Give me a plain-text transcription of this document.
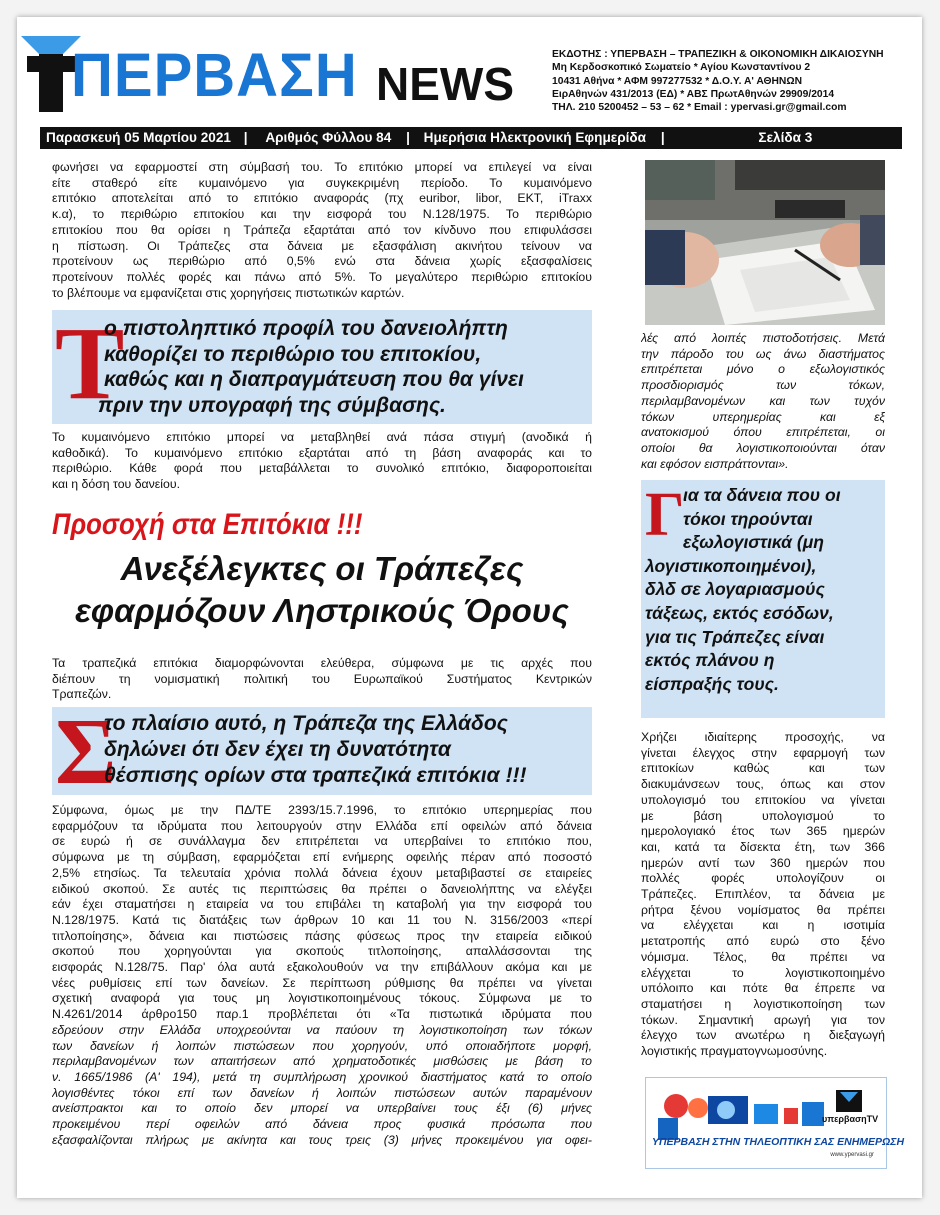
ΠΕΡΒΑΣΗ NEWS
ΕΚΔΟΤΗΣ : ΥΠΕΡΒΑΣΗ – ΤΡΑΠΕΖΙΚΗ & ΟΙΚΟΝΟΜΙΚΗ ΔΙΚΑΙΟΣΥΝΗ
Μη Κερδοσκοπικό Σωματείο * Αγίου Κωνσταντίνου 2
10431 Αθήνα * ΑΦΜ 997277532 * Δ.Ο.Υ. Α' ΑΘΗΝΩΝ
ΕιρΑθηνών 431/2013 (ΕΔ) * ΑΒΣ ΠρωτΑθηνών 29909/2014
ΤΗΛ. 210 5200452 – 53 – 62 * Email : ypervasi.gr@gmail.com
Παρασκευή 05 Μαρτίου 2021 | Αριθμός Φύλλου 84 | Ημερήσια Ηλεκτρονική Εφημερίδα |	Σελίδα 3
φωνήσει να εφαρμοστεί στη σύμβασή του. Το επιτόκιο μπορεί να επιλεγεί να είναι
είτε σταθερό είτε κυμαινόμενο για συγκεκριμένη περίοδο. Το κυμαινόμενο
επιτόκιο αποτελείται από το επιτόκιο αναφοράς (πχ euribor, libor, ΕΚΤ, iTraxx
κ.α), το περιθώριο επιτοκίου και την εισφορά του Ν.128/1975. Το περιθώριο
επιτοκίου που θα ορίσει η Τράπεζα εξαρτάται από τον κίνδυνο που επιφυλάσσει
η πίστωση. Οι Τράπεζες στα δάνεια με εξασφάλιση ακινήτου τείνουν να
προτείνουν ως περιθώριο από 0,5% ενώ στα δάνεια χωρίς εξασφαλίσεις
προτείνουν πολλές φορές και πάνω από 5%. Το μεγαλύτερο περιθώριο επιτοκίου
το βλέπουμε να εμφανίζεται στις χορηγήσεις πιστωτικών καρτών.
Τ
ο πιστοληπτικό προφίλ του δανειολήπτη
καθορίζει το περιθώριο του επιτοκίου,
καθώς και η διαπραγμάτευση που θα γίνει
πριν την υπογραφή της σύμβασης.
Το κυμαινόμενο επιτόκιο μπορεί να μεταβληθεί ανά πάσα στιγμή (ανοδικά ή
καθοδικά). Το κυμαινόμενο επιτόκιο εξαρτάται από τη βάση αναφοράς και το
περιθώριο. Κάθε φορά που μεταβάλλεται το συνολικό επιτόκιο, διαφοροποιείται
και η δόση του δανείου.
Προσοχή στα Επιτόκια !!!
Ανεξέλεγκτες οι Τράπεζες
εφαρμόζουν Ληστρικούς Όρους
Τα τραπεζικά επιτόκια διαμορφώνονται ελεύθερα, σύμφωνα με τις αρχές που
διέπουν τη νομισματική πολιτική του Ευρωπαϊκού Συστήματος Κεντρικών
Τραπεζών.
Σ
το πλαίσιο αυτό, η Τράπεζα της Ελλάδος
δηλώνει ότι δεν έχει τη δυνατότητα
θέσπισης ορίων στα τραπεζικά επιτόκια !!!
Σύμφωνα, όμως με την ΠΔ/ΤΕ 2393/15.7.1996, το επιτόκιο υπερημερίας που
εφαρμόζουν τα ιδρύματα που λειτουργούν στην Ελλάδα επί οφειλών από δάνεια
σε ευρώ ή σε συνάλλαγμα δεν επιτρέπεται να υπερβαίνει το επιτόκιο που,
σύμφωνα με τη σύμβαση, εφαρμόζεται επί ενήμερης οφειλής πέραν από ποσοστό
2,5% ετησίως. Τα τελευταία χρόνια πολλά δάνεια έχουν μεταβιβαστεί σε εταιρείες
ειδικού σκοπού. Σε αυτές τις περιπτώσεις θα πρέπει ο δανειολήπτης να ελέγξει
εάν έχει σταματήσει η εταιρεία να του επιβάλει τη καταβολή για την εισφορά του
Ν.128/1975. Κατά τις διατάξεις των άρθρων 10 και 11 του Ν. 3156/2003 «περί
τιτλοποίησης», δάνεια και πιστώσεις πάσης φύσεως προς την εταιρεία ειδικού
σκοπού που χορηγούνται για σκοπούς τιτλοποίησης, απαλλάσσονται της
εισφοράς Ν.128/75. Παρ' όλα αυτά εξακολουθούν να την επιβάλλουν ακόμα και με
νέες ρυθμίσεις επί των δανείων. Σε περίπτωση ρύθμισης θα πρέπει να γίνεται
σχετική αναφορά για τους μη λογιστικοποιημένους τόκους. Σύμφωνα με το
Ν.4261/2014 άρθρο150 παρ.1 προβλέπεται ότι «Τα πιστωτικά ιδρύματα που
εδρεύουν στην Ελλάδα υποχρεούνται να παύουν τη λογιστικοποίηση των τόκων
των δανείων ή λοιπών πιστώσεων που χορηγούν, υπό οποιαδήποτε μορφή,
περιλαμβανομένων των απαιτήσεων από χρηματοδοτικές μισθώσεις με βάση το
ν. 1665/1986 (Α' 194), μετά τη συμπλήρωση χρονικού διαστήματος κατά το οποίο
λογισθέντες τόκοι επί των δανείων ή λοιπών πιστώσεων αυτών παραμένουν
ανείσπρακτοι και το οποίο δεν μπορεί να υπερβαίνει τους έξι (6) μήνες
προκειμένου περί οφειλών από δάνεια προς φυσικά πρόσωπα που
εξασφαλίζονται πλήρως με ακίνητα και τους τρεις (3) μήνες προκειμένου για οφει-
λές από λοιπές πιστοδοτήσεις. Μετά
την πάροδο του ως άνω διαστήματος
επιτρέπεται μόνο ο εξωλογιστικός
προσδιορισμός των τόκων,
περιλαμβανομένων και των τυχόν
τόκων υπερημερίας και εξ
ανατοκισμού όπου επιτρέπεται, οι
οποίοι θα λογιστικοποιούνται όταν
και εφόσον εισπράττονται».
Γ
ια τα δάνεια που οι
τόκοι τηρούνται
εξωλογιστικά (μη
λογιστικοποιημένοι),
δλδ σε λογαριασμούς
τάξεως, εκτός εσόδων,
για τις Τράπεζες είναι
εκτός πλάνου η
είσπραξής τους.
Χρήζει ιδιαίτερης προσοχής, να
γίνεται έλεγχος στην εφαρμογή των
επιτοκίων καθώς και των
διακυμάνσεων τους, όπως και στον
υπολογισμό του επιτοκίου να γίνεται
με βάση υπολογισμού το
ημερολογιακό έτος των 365 ημερών
και, κατά τα δίσεκτα έτη, των 366
ημερών αντί των 360 ημερών που
πολλές φορές υπολογίζουν οι
Τράπεζες. Επιπλέον, τα δάνεια με
ρήτρα ξένου νομίσματος θα πρέπει
να ελέγχεται και η ισοτιμία
μετατροπής από ευρώ στο ξένο
νόμισμα. Τέλος, θα πρέπει να
ελέγχεται το λογιστικοποιημένο
υπόλοιπο και πότε θα έπρεπε να
σταματήσει η λογιστικοποίηση των
τόκων. Σημαντική αρωγή για τον
έλεγχο των ανωτέρω η διεξαγωγή
λογιστικής πραγματογνωμοσύνης.
υπερβασηTV
ΥΠΕΡΒΑΣΗ ΣΤΗΝ ΤΗΛΕΟΠΤΙΚΗ ΣΑΣ ΕΝΗΜΕΡΩΣΗ
www.ypervasi.gr
